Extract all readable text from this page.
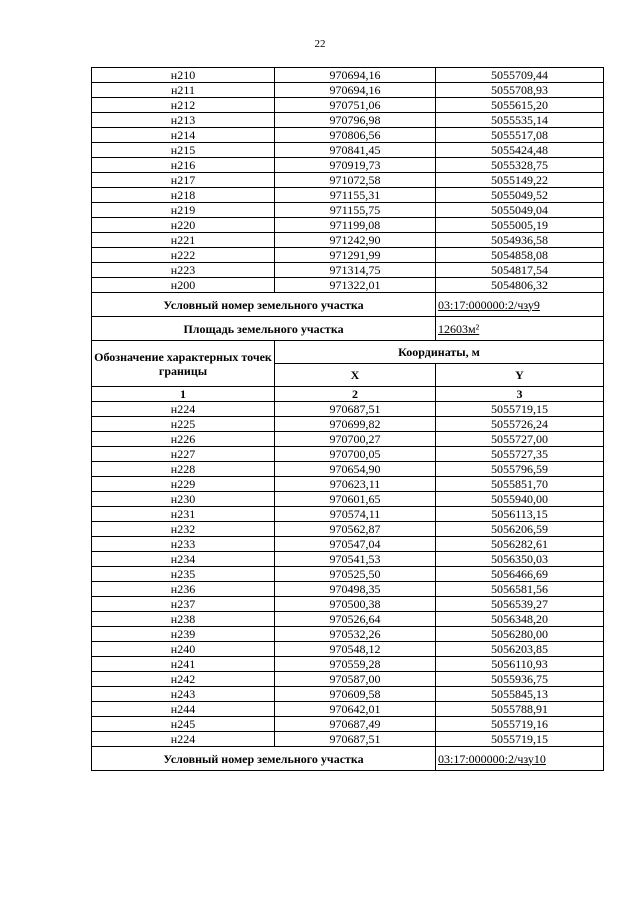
22
н210	970694,16	5055709,44
н211	970694,16	5055708,93
н212	970751,06	5055615,20
н213	970796,98	5055535,14
н214	970806,56	5055517,08
н215	970841,45	5055424,48
н216	970919,73	5055328,75
н217	971072,58	5055149,22
н218	971155,31	5055049,52
н219	971155,75	5055049,04
н220	971199,08	5055005,19
н221	971242,90	5054936,58
н222	971291,99	5054858,08
н223	971314,75	5054817,54
н200	971322,01	5054806,32
Условный номер земельного участка		03:17:000000:2/чзу9
Площадь земельного участка		12603м²
Обозначение характерных точек границы	Координаты, м	
	X	Y
1	2	3
н224	970687,51	5055719,15
н225	970699,82	5055726,24
н226	970700,27	5055727,00
н227	970700,05	5055727,35
н228	970654,90	5055796,59
н229	970623,11	5055851,70
н230	970601,65	5055940,00
н231	970574,11	5056113,15
н232	970562,87	5056206,59
н233	970547,04	5056282,61
н234	970541,53	5056350,03
н235	970525,50	5056466,69
н236	970498,35	5056581,56
н237	970500,38	5056539,27
н238	970526,64	5056348,20
н239	970532,26	5056280,00
н240	970548,12	5056203,85
н241	970559,28	5056110,93
н242	970587,00	5055936,75
н243	970609,58	5055845,13
н244	970642,01	5055788,91
н245	970687,49	5055719,16
н224	970687,51	5055719,15
Условный номер земельного участка		03:17:000000:2/чзу10
